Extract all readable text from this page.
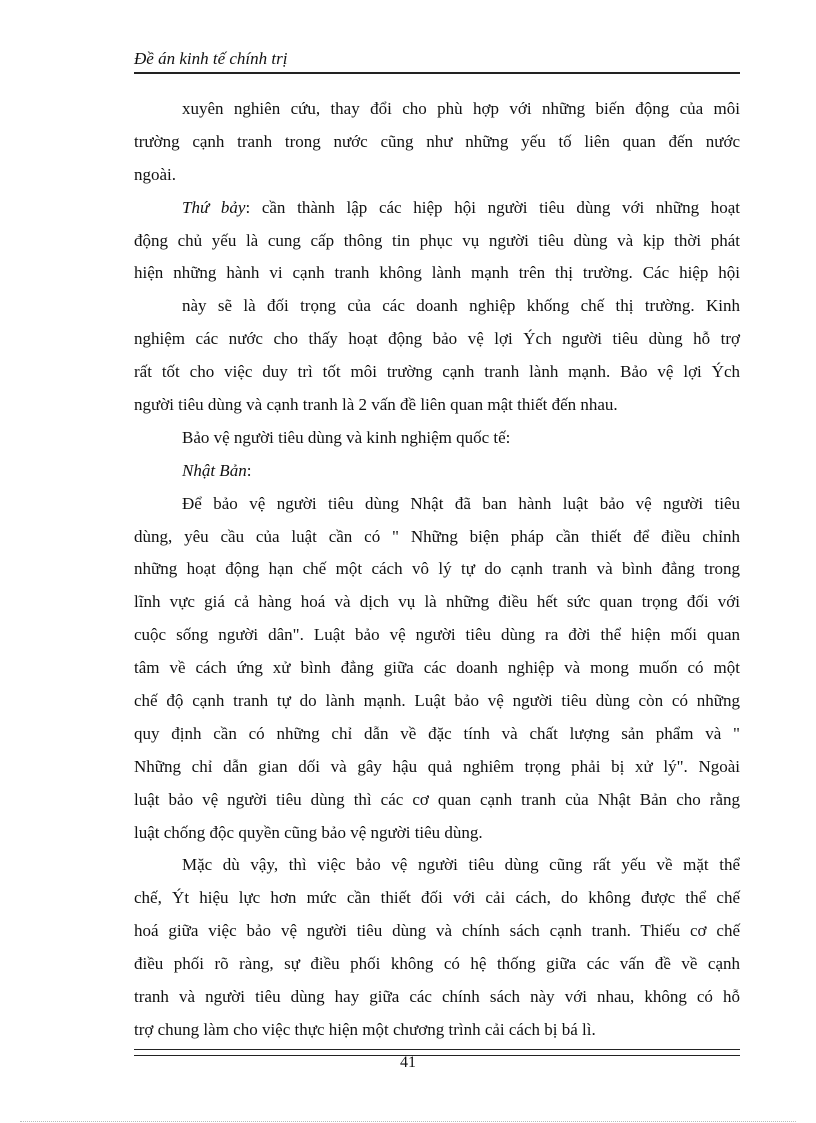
Đề án kinh tế chính trị
xuyên nghiên cứu, thay đổi cho phù hợp với những biến động của môi
trường cạnh tranh trong nước cũng như những yếu tố liên quan đến nước
ngoài.
Thứ bảy: cần thành lập các hiệp hội người tiêu dùng với những hoạt
động chủ yếu là cung cấp thông tin phục vụ người tiêu dùng và kịp thời phát
hiện những hành vi cạnh tranh không lành mạnh trên thị trường. Các hiệp hội
này sẽ là đối trọng của các doanh nghiệp khống chế thị trường. Kinh
nghiệm các nước cho thấy hoạt động bảo vệ lợi Ých người tiêu dùng hỗ trợ
rất tốt cho việc duy trì tốt môi trường cạnh tranh lành mạnh. Bảo vệ lợi Ých
người tiêu dùng và cạnh tranh là 2 vấn đề liên quan mật thiết đến nhau.
Bảo vệ người tiêu dùng và kinh nghiệm quốc tế:
Nhật Bản:
Để bảo vệ người tiêu dùng Nhật đã ban hành luật bảo vệ người tiêu
dùng, yêu cầu của luật cần có " Những biện pháp cần thiết để điều chỉnh
những hoạt động hạn chế một cách vô lý tự do cạnh tranh và bình đẳng trong
lĩnh vực giá cả hàng hoá và dịch vụ là những điều hết sức quan trọng đối với
cuộc sống người dân". Luật bảo vệ người tiêu dùng ra đời thể hiện mối quan
tâm về cách ứng xử bình đẳng giữa các doanh nghiệp và mong muốn có một
chế độ cạnh tranh tự do lành mạnh. Luật bảo vệ người tiêu dùng còn có những
quy định cần có những chỉ dẫn về đặc tính và chất lượng sản phẩm và "
Những chỉ dẫn gian dối và gây hậu quả nghiêm trọng phải bị xử lý". Ngoài
luật bảo vệ người tiêu dùng thì các cơ quan cạnh tranh của Nhật Bản cho rằng
luật chống độc quyền cũng bảo vệ người tiêu dùng.
Mặc dù vậy, thì việc bảo vệ người tiêu dùng cũng rất yếu về mặt thể
chế, Ýt hiệu lực hơn mức cần thiết đối với cải cách, do không được thể chế
hoá giữa việc bảo vệ người tiêu dùng và chính sách cạnh tranh. Thiếu cơ chế
điều phối rõ ràng, sự điều phối không có hệ thống giữa các vấn đề về cạnh
tranh và người tiêu dùng hay giữa các chính sách này với nhau, không có hỗ
trợ chung làm cho việc thực hiện một chương trình cải cách bị bá lì.
41
